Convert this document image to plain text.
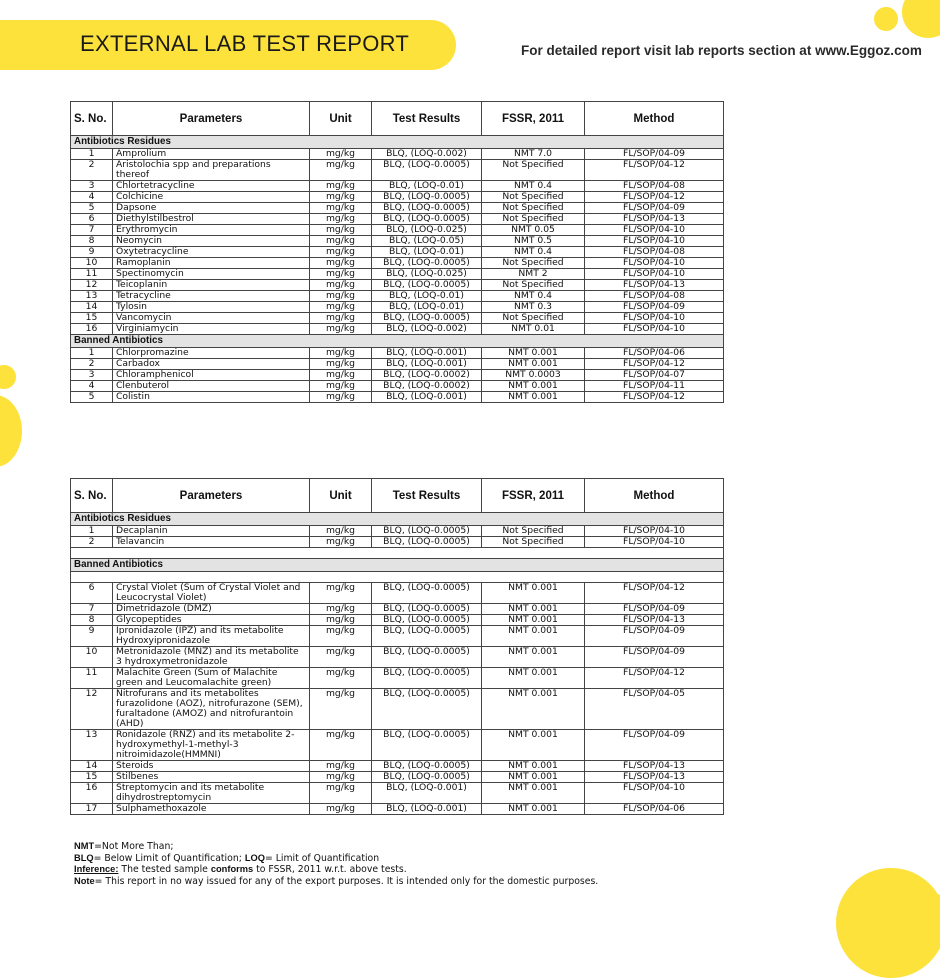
EXTERNAL LAB TEST REPORT	For detailed report visit lab reports section at www.Eggoz.com
S. No.	Parameters	Unit	Test Results	FSSR, 2011	Method
Antibiotics Residues					
1	Amprolium	mg/kg	BLQ, (LOQ-0.002)	NMT 7.0	FL/SOP/04-09
2	Aristolochia spp and preparations thereof	mg/kg	BLQ, (LOQ-0.0005)	Not Specified	FL/SOP/04-12
3	Chlortetracycline	mg/kg	BLQ, (LOQ-0.01)	NMT 0.4	FL/SOP/04-08
4	Colchicine	mg/kg	BLQ, (LOQ-0.0005)	Not Specified	FL/SOP/04-12
5	Dapsone	mg/kg	BLQ, (LOQ-0.0005)	Not Specified	FL/SOP/04-09
6	Diethylstilbestrol	mg/kg	BLQ, (LOQ-0.0005)	Not Specified	FL/SOP/04-13
7	Erythromycin	mg/kg	BLQ, (LOQ-0.025)	NMT 0.05	FL/SOP/04-10
8	Neomycin	mg/kg	BLQ, (LOQ-0.05)	NMT 0.5	FL/SOP/04-10
9	Oxytetracycline	mg/kg	BLQ, (LOQ-0.01)	NMT 0.4	FL/SOP/04-08
10	Ramoplanin	mg/kg	BLQ, (LOQ-0.0005)	Not Specified	FL/SOP/04-10
11	Spectinomycin	mg/kg	BLQ, (LOQ-0.025)	NMT 2	FL/SOP/04-10
12	Teicoplanin	mg/kg	BLQ, (LOQ-0.0005)	Not Specified	FL/SOP/04-13
13	Tetracycline	mg/kg	BLQ, (LOQ-0.01)	NMT 0.4	FL/SOP/04-08
14	Tylosin	mg/kg	BLQ, (LOQ-0.01)	NMT 0.3	FL/SOP/04-09
15	Vancomycin	mg/kg	BLQ, (LOQ-0.0005)	Not Specified	FL/SOP/04-10
16	Virginiamycin	mg/kg	BLQ, (LOQ-0.002)	NMT 0.01	FL/SOP/04-10
Banned Antibiotics					
1	Chlorpromazine	mg/kg	BLQ, (LOQ-0.001)	NMT 0.001	FL/SOP/04-06
2	Carbadox	mg/kg	BLQ, (LOQ-0.001)	NMT 0.001	FL/SOP/04-12
3	Chloramphenicol	mg/kg	BLQ, (LOQ-0.0002)	NMT 0.0003	FL/SOP/04-07
4	Clenbuterol	mg/kg	BLQ, (LOQ-0.0002)	NMT 0.001	FL/SOP/04-11
5	Colistin	mg/kg	BLQ, (LOQ-0.001)	NMT 0.001	FL/SOP/04-12
S. No.	Parameters	Unit	Test Results	FSSR, 2011	Method
Antibiotics Residues					
1	Decaplanin	mg/kg	BLQ, (LOQ-0.0005)	Not Specified	FL/SOP/04-10
2	Telavancin	mg/kg	BLQ, (LOQ-0.0005)	Not Specified	FL/SOP/04-10

Banned Antibiotics					

6	Crystal Violet (Sum of Crystal Violet and Leucocrystal Violet)	mg/kg	BLQ, (LOQ-0.0005)	NMT 0.001	FL/SOP/04-12
7	Dimetridazole (DMZ)	mg/kg	BLQ, (LOQ-0.0005)	NMT 0.001	FL/SOP/04-09
8	Glycopeptides	mg/kg	BLQ, (LOQ-0.0005)	NMT 0.001	FL/SOP/04-13
9	Ipronidazole (IPZ) and its metabolite Hydroxyipronidazole	mg/kg	BLQ, (LOQ-0.0005)	NMT 0.001	FL/SOP/04-09
10	Metronidazole (MNZ) and its metabolite 3 hydroxymetronidazole	mg/kg	BLQ, (LOQ-0.0005)	NMT 0.001	FL/SOP/04-09
11	Malachite Green (Sum of Malachite green and Leucomalachite green)	mg/kg	BLQ, (LOQ-0.0005)	NMT 0.001	FL/SOP/04-12
12	Nitrofurans and its metabolites furazolidone (AOZ), nitrofurazone (SEM), furaltadone (AMOZ) and nitrofurantoin (AHD)	mg/kg	BLQ, (LOQ-0.0005)	NMT 0.001	FL/SOP/04-05
13	Ronidazole (RNZ) and its metabolite 2-hydroxymethyl-1-methyl-3 nitroimidazole(HMMNI)	mg/kg	BLQ, (LOQ-0.0005)	NMT 0.001	FL/SOP/04-09
14	Steroids	mg/kg	BLQ, (LOQ-0.0005)	NMT 0.001	FL/SOP/04-13
15	Stilbenes	mg/kg	BLQ, (LOQ-0.0005)	NMT 0.001	FL/SOP/04-13
16	Streptomycin and its metabolite dihydrostreptomycin	mg/kg	BLQ, (LOQ-0.001)	NMT 0.001	FL/SOP/04-10
17	Sulphamethoxazole	mg/kg	BLQ, (LOQ-0.001)	NMT 0.001	FL/SOP/04-06
NMT=Not More Than;
BLQ= Below Limit of Quantification; LOQ= Limit of Quantification
Inference: The tested sample conforms to FSSR, 2011 w.r.t. above tests.
Note= This report in no way issued for any of the export purposes. It is intended only for the domestic purposes.
